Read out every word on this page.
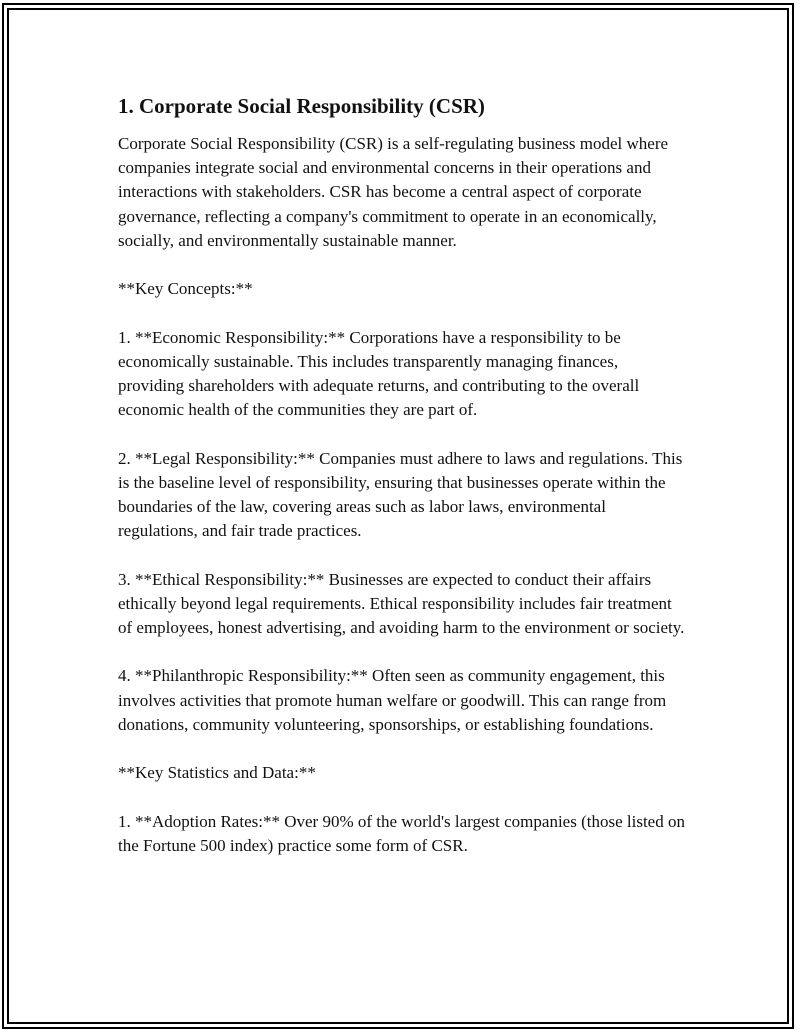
1. Corporate Social Responsibility (CSR)

Corporate Social Responsibility (CSR) is a self-regulating business model where companies integrate social and environmental concerns in their operations and interactions with stakeholders. CSR has become a central aspect of corporate governance, reflecting a company's commitment to operate in an economically, socially, and environmentally sustainable manner.

**Key Concepts:**

1. **Economic Responsibility:** Corporations have a responsibility to be economically sustainable. This includes transparently managing finances, providing shareholders with adequate returns, and contributing to the overall economic health of the communities they are part of.

2. **Legal Responsibility:** Companies must adhere to laws and regulations. This is the baseline level of responsibility, ensuring that businesses operate within the boundaries of the law, covering areas such as labor laws, environmental regulations, and fair trade practices.

3. **Ethical Responsibility:** Businesses are expected to conduct their affairs ethically beyond legal requirements. Ethical responsibility includes fair treatment of employees, honest advertising, and avoiding harm to the environment or society.

4. **Philanthropic Responsibility:** Often seen as community engagement, this involves activities that promote human welfare or goodwill. This can range from donations, community volunteering, sponsorships, or establishing foundations.

**Key Statistics and Data:**

1. **Adoption Rates:** Over 90% of the world's largest companies (those listed on the Fortune 500 index) practice some form of CSR.
